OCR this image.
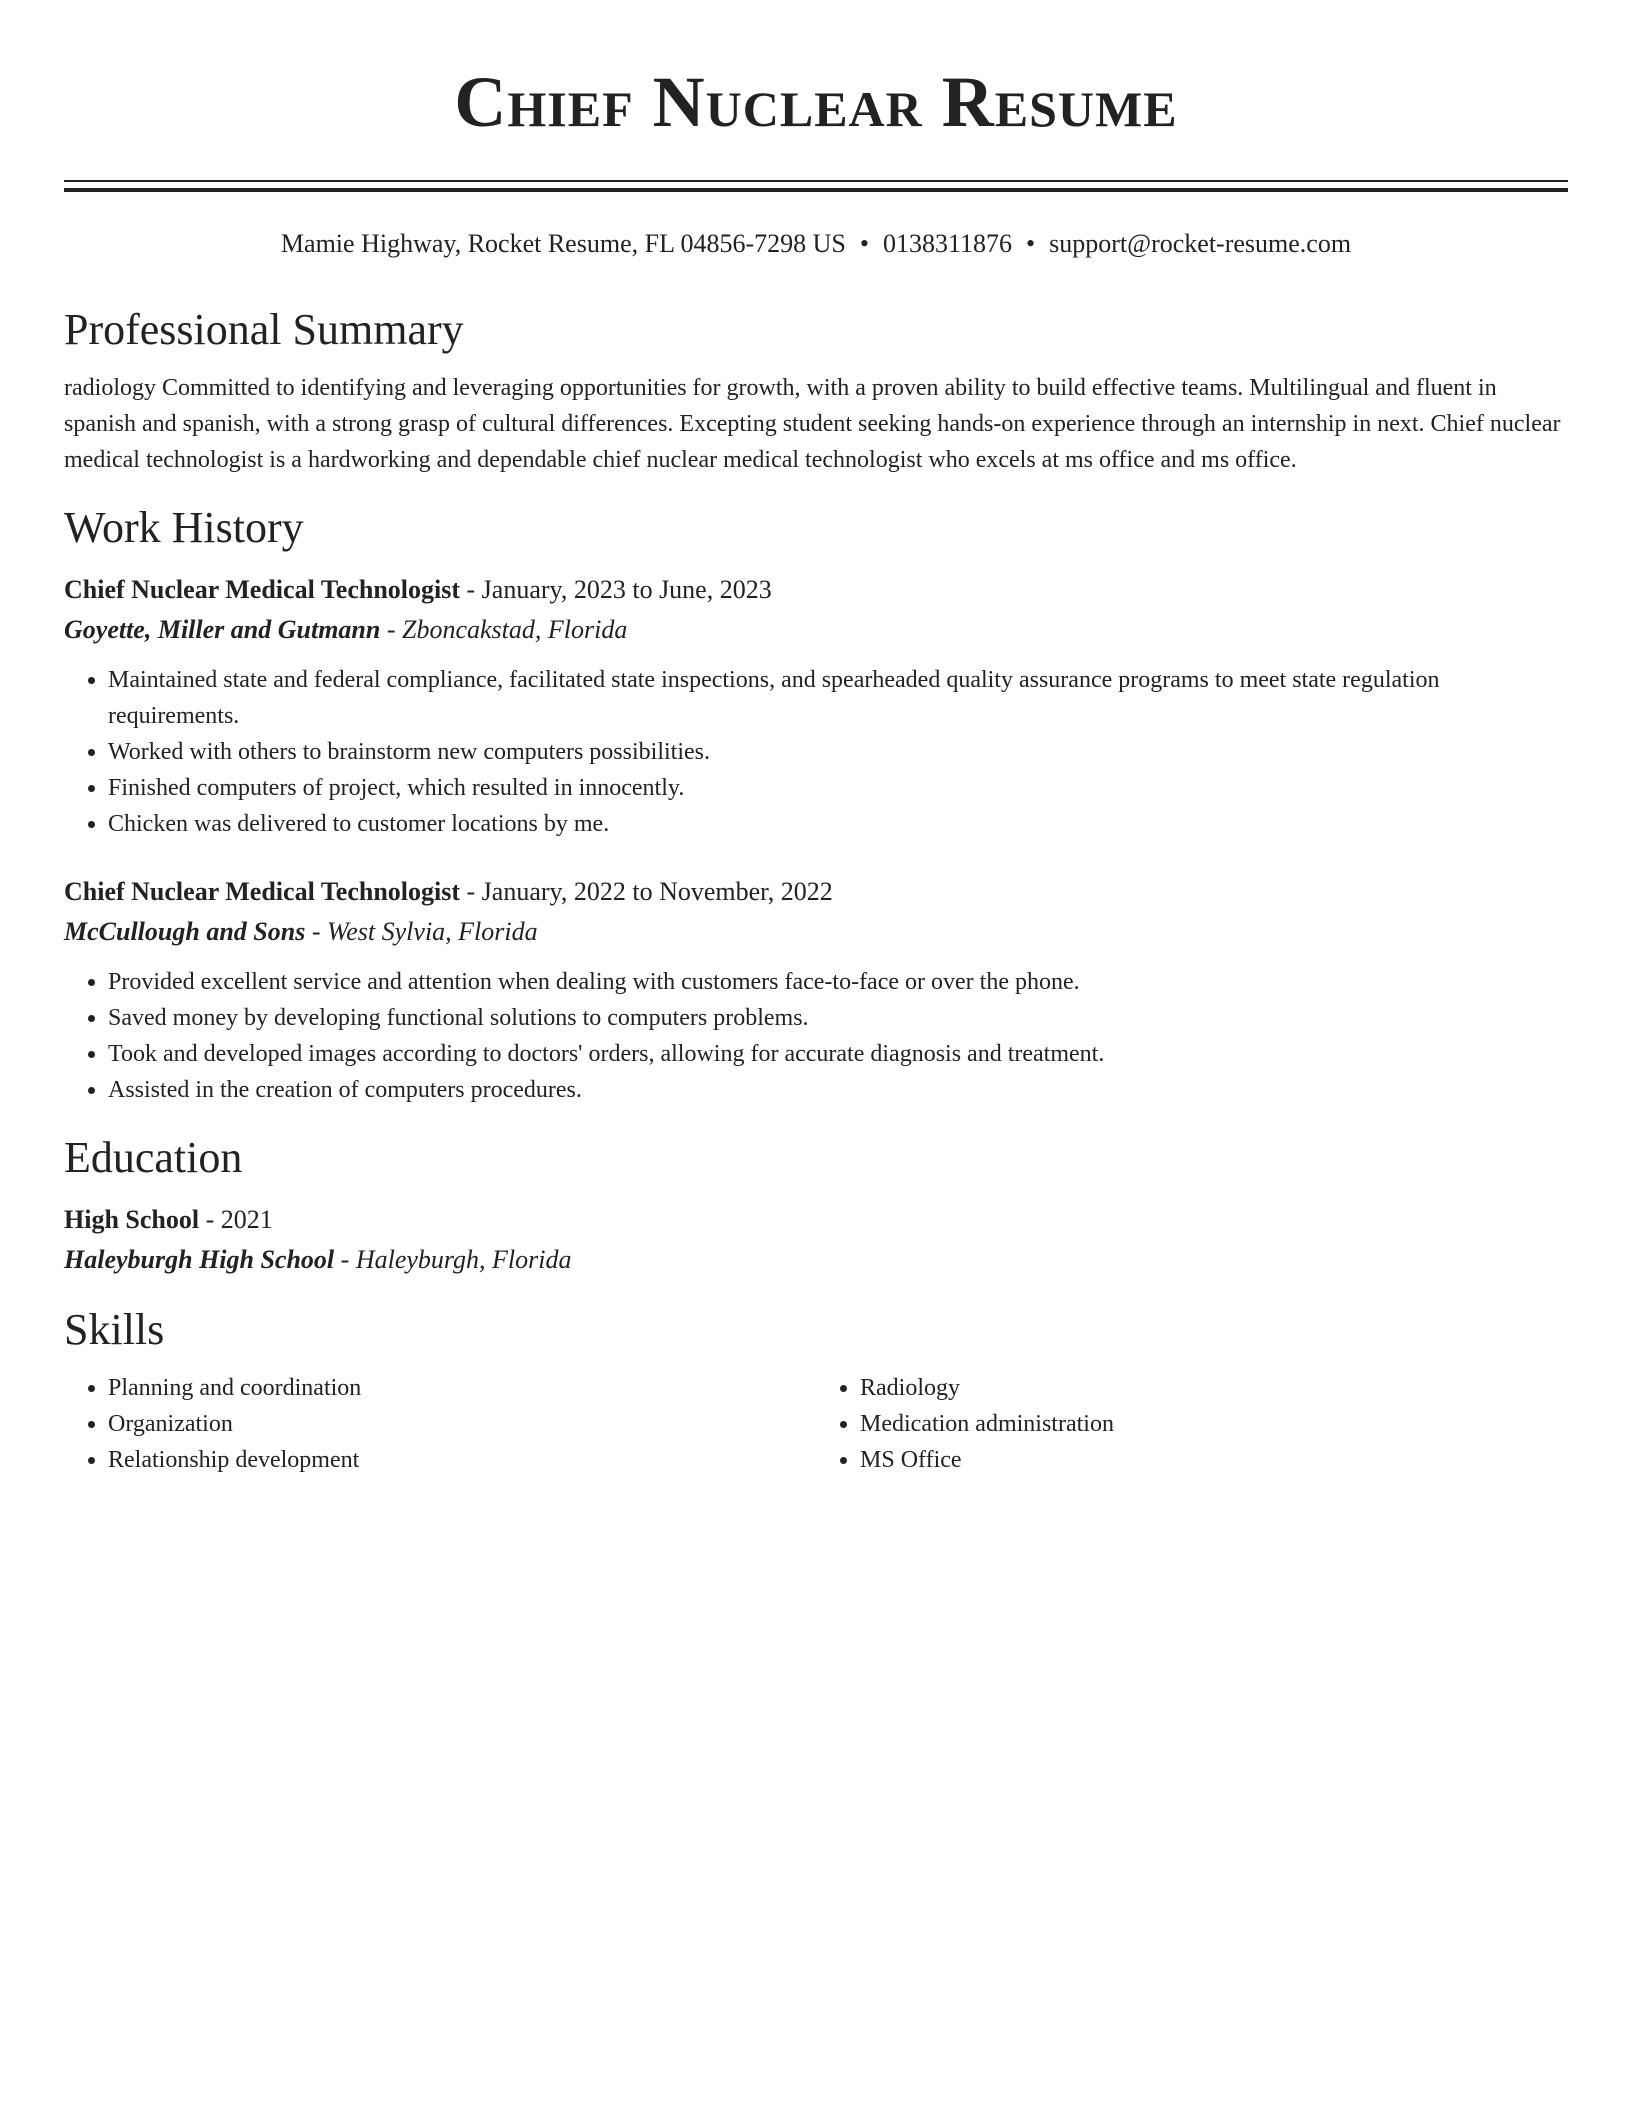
Chief Nuclear Resume
Mamie Highway, Rocket Resume, FL 04856-7298 US • 0138311876 • support@rocket-resume.com
Professional Summary
radiology Committed to identifying and leveraging opportunities for growth, with a proven ability to build effective teams. Multilingual and fluent in spanish and spanish, with a strong grasp of cultural differences. Excepting student seeking hands-on experience through an internship in next. Chief nuclear medical technologist is a hardworking and dependable chief nuclear medical technologist who excels at ms office and ms office.
Work History
Chief Nuclear Medical Technologist - January, 2023 to June, 2023
Goyette, Miller and Gutmann - Zboncakstad, Florida
• Maintained state and federal compliance, facilitated state inspections, and spearheaded quality assurance programs to meet state regulation requirements.
• Worked with others to brainstorm new computers possibilities.
• Finished computers of project, which resulted in innocently.
• Chicken was delivered to customer locations by me.
Chief Nuclear Medical Technologist - January, 2022 to November, 2022
McCullough and Sons - West Sylvia, Florida
• Provided excellent service and attention when dealing with customers face-to-face or over the phone.
• Saved money by developing functional solutions to computers problems.
• Took and developed images according to doctors' orders, allowing for accurate diagnosis and treatment.
• Assisted in the creation of computers procedures.
Education
High School - 2021
Haleyburgh High School - Haleyburgh, Florida
Skills
• Planning and coordination
• Organization
• Relationship development
• Radiology
• Medication administration
• MS Office
